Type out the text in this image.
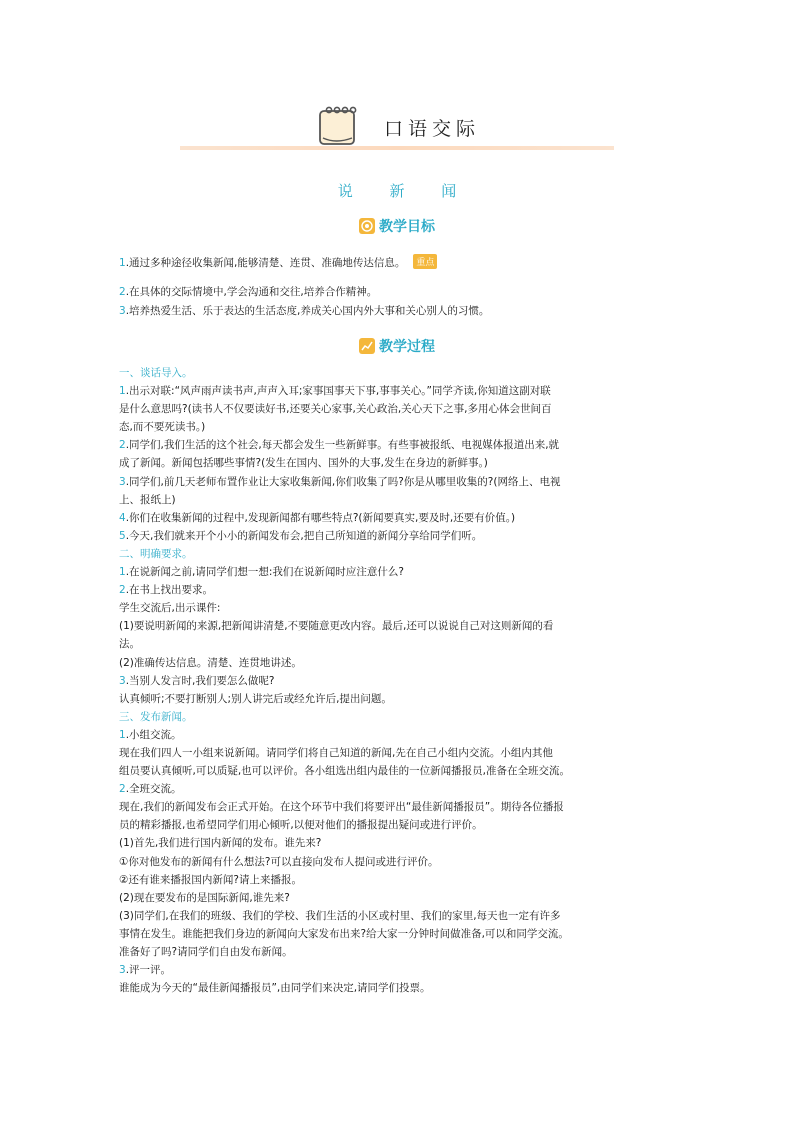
口语交际
说 新 闻
教学目标
1.通过多种途径收集新闻,能够清楚、连贯、准确地传达信息。 重点
2.在具体的交际情境中,学会沟通和交往,培养合作精神。
3.培养热爱生活、乐于表达的生活态度,养成关心国内外大事和关心别人的习惯。
教学过程

一、谈话导入。

1.出示对联:“风声雨声读书声,声声入耳;家事国事天下事,事事关心。”同学齐读,你知道这副对联

是什么意思吗?(读书人不仅要读好书,还要关心家事,关心政治,关心天下之事,多用心体会世间百

态,而不要死读书。)

2.同学们,我们生活的这个社会,每天都会发生一些新鲜事。有些事被报纸、电视媒体报道出来,就

成了新闻。新闻包括哪些事情?(发生在国内、国外的大事,发生在身边的新鲜事。)

3.同学们,前几天老师布置作业让大家收集新闻,你们收集了吗?你是从哪里收集的?(网络上、电视

上、报纸上)

4.你们在收集新闻的过程中,发现新闻都有哪些特点?(新闻要真实,要及时,还要有价值。)

5.今天,我们就来开个小小的新闻发布会,把自己所知道的新闻分享给同学们听。

二、明确要求。

1.在说新闻之前,请同学们想一想:我们在说新闻时应注意什么?

2.在书上找出要求。

学生交流后,出示课件:

(1)要说明新闻的来源,把新闻讲清楚,不要随意更改内容。最后,还可以说说自己对这则新闻的看

法。

(2)准确传达信息。清楚、连贯地讲述。

3.当别人发言时,我们要怎么做呢?

认真倾听;不要打断别人;别人讲完后或经允许后,提出问题。

三、发布新闻。

1.小组交流。

现在我们四人一小组来说新闻。请同学们将自己知道的新闻,先在自己小组内交流。小组内其他

组员要认真倾听,可以质疑,也可以评价。各小组选出组内最佳的一位新闻播报员,准备在全班交流。

2.全班交流。

现在,我们的新闻发布会正式开始。在这个环节中我们将要评出“最佳新闻播报员”。期待各位播报

员的精彩播报,也希望同学们用心倾听,以便对他们的播报提出疑问或进行评价。

(1)首先,我们进行国内新闻的发布。谁先来?

①你对他发布的新闻有什么想法?可以直接向发布人提问或进行评价。

②还有谁来播报国内新闻?请上来播报。

(2)现在要发布的是国际新闻,谁先来?

(3)同学们,在我们的班级、我们的学校、我们生活的小区或村里、我们的家里,每天也一定有许多

事情在发生。谁能把我们身边的新闻向大家发布出来?给大家一分钟时间做准备,可以和同学交流。

准备好了吗?请同学们自由发布新闻。

3.评一评。

谁能成为今天的“最佳新闻播报员”,由同学们来决定,请同学们投票。
